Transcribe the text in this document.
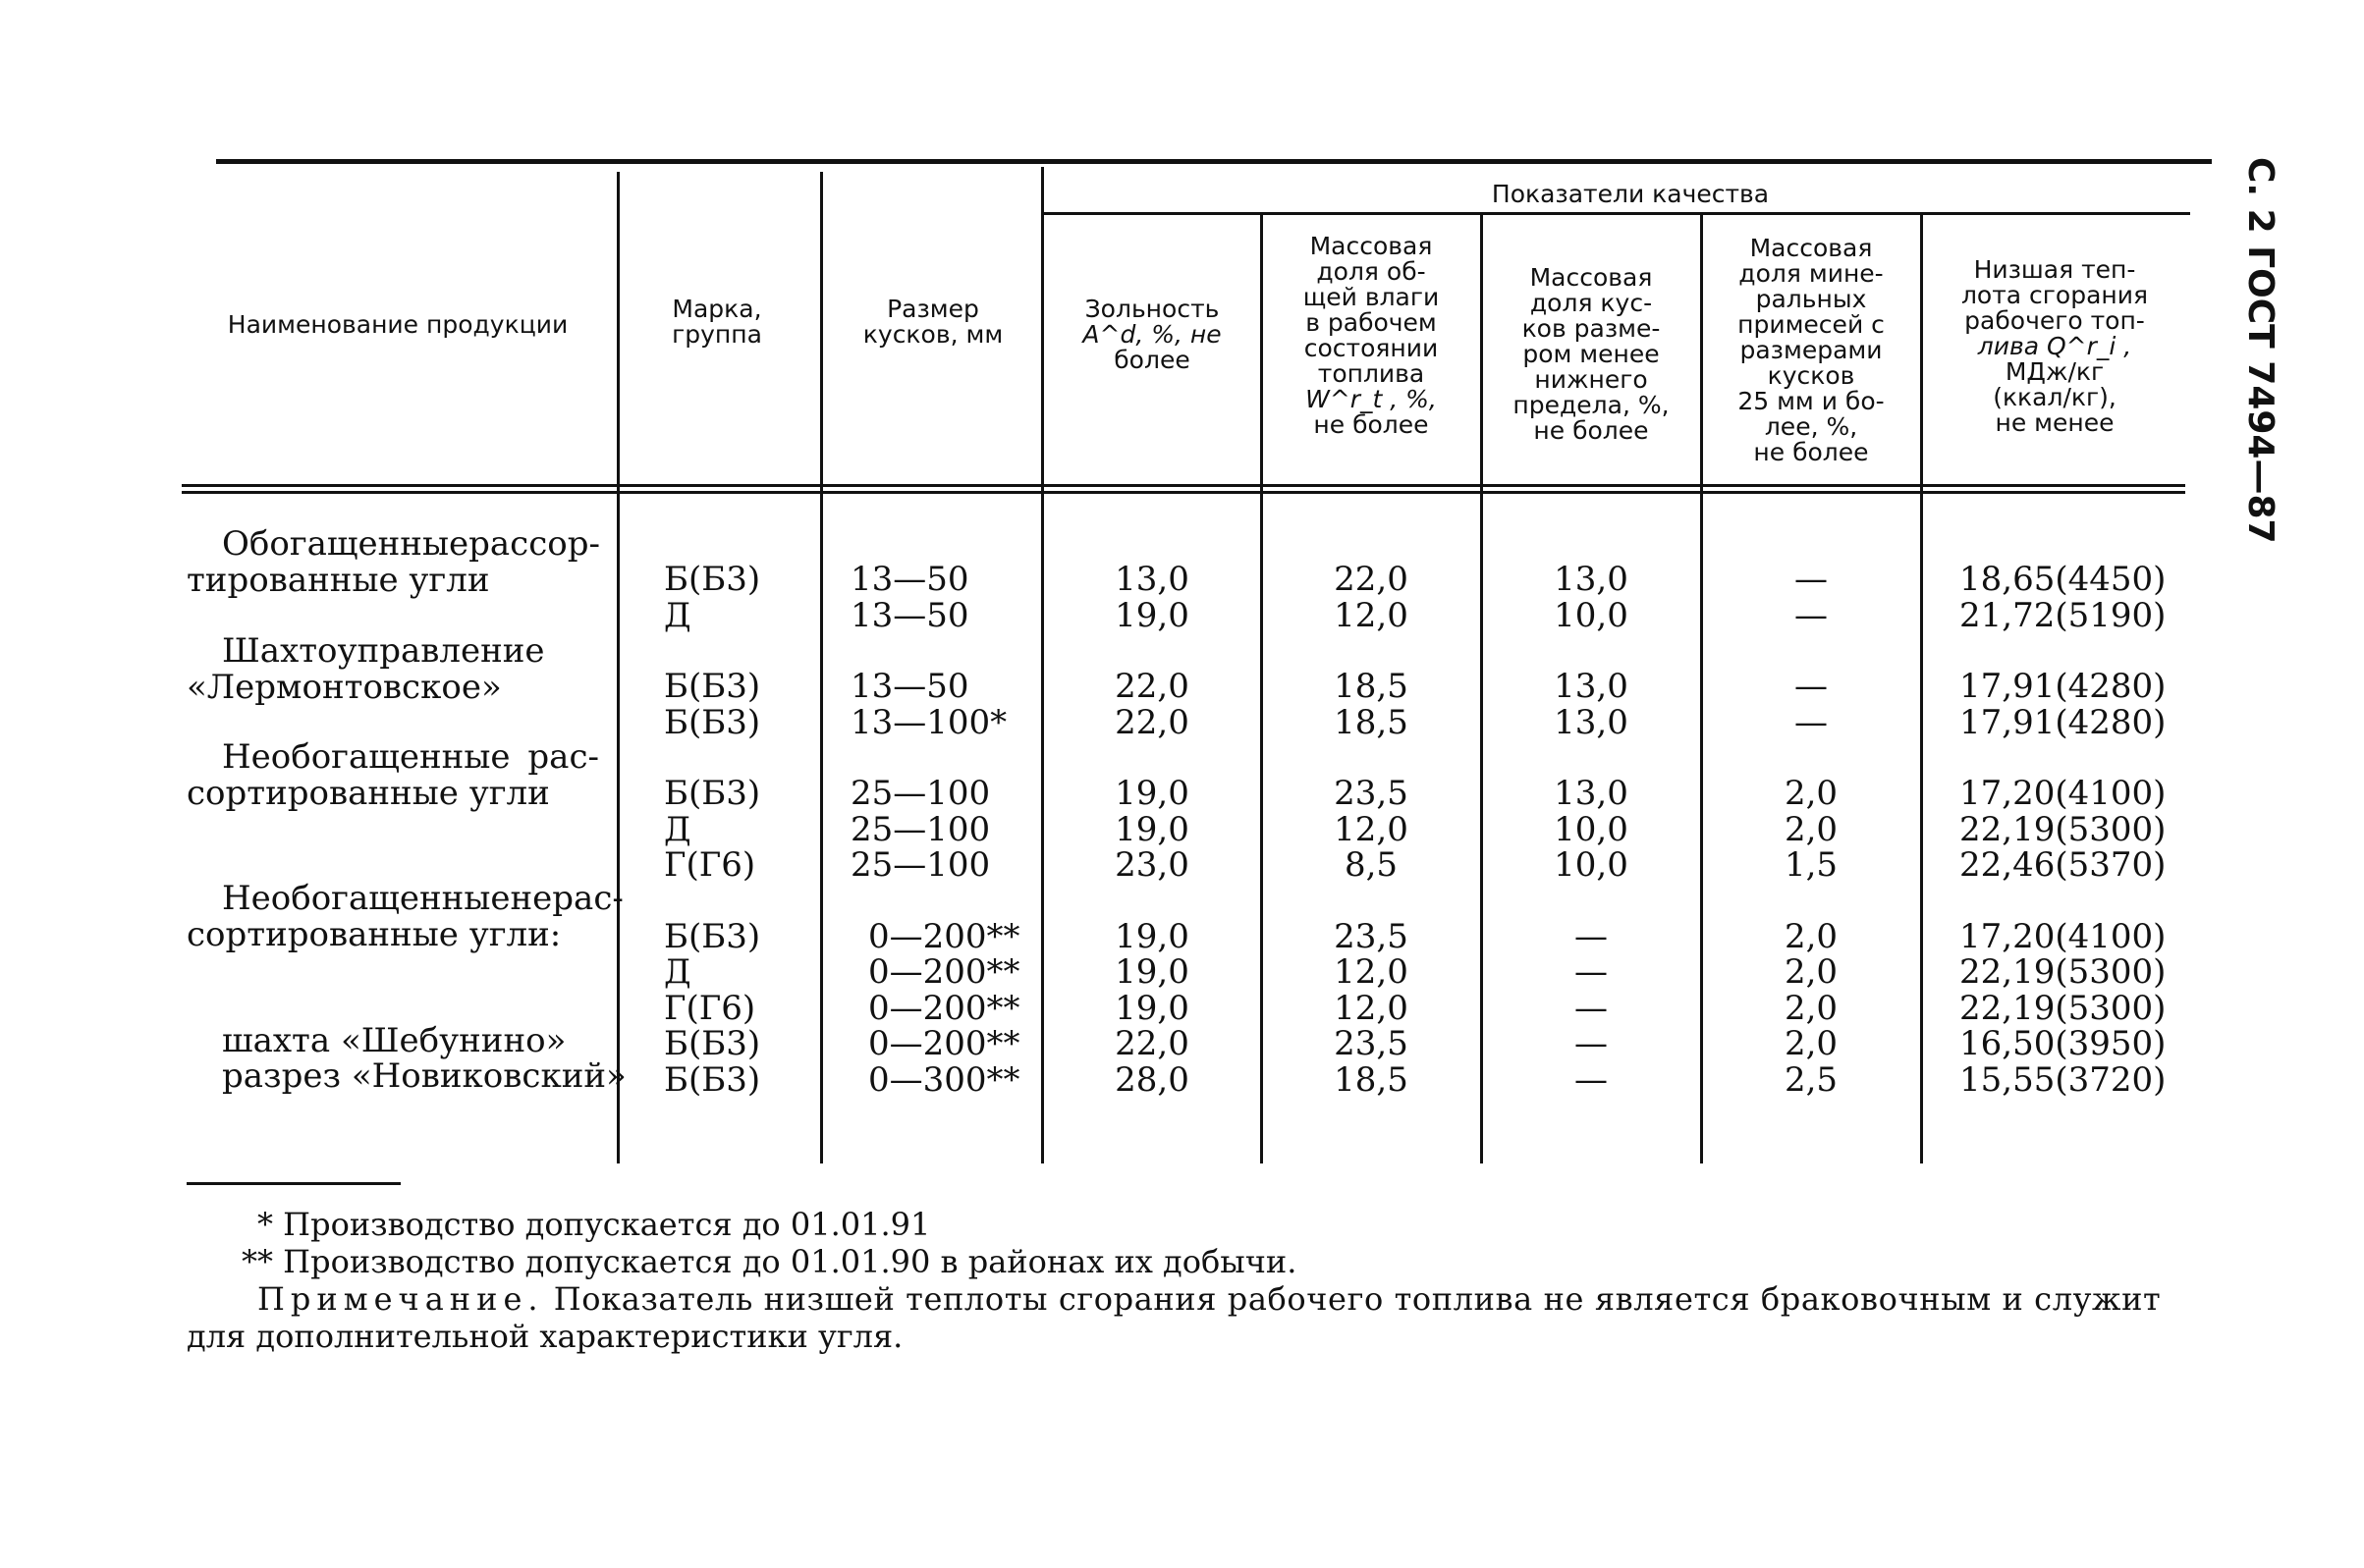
С. 2 ГОСТ 7494—87
Наименование продукции
Марка,
группа
Размер
кусков, мм
Показатели качества
Зольность
A^d, %, не
более
Массовая
доля об-
щей влаги
в рабочем
состоянии
топлива
W^r_t , %,
не более
Массовая
доля кус-
ков разме-
ром менее
нижнего
предела, %,
не более
Массовая
доля мине-
ральных
примесей с
размерами
кусков
25 мм и бо-
лее, %,
не более
Низшая теп-
лота сгорания
рабочего топ-
лива Q^r_i ,
МДж/кг
(ккал/кг),
не менее
Обогащенные рассор-
тированные угли
Шахтоуправление
«Лермонтовское»
Необогащенные рас-
сортированные угли
Необогащенные нерас-
сортированные угли:
шахта «Шебунино»
разрез «Новиковский»
Б(Б3)
Д
Б(Б3)
Б(Б3)
Б(Б3)
Д
Г(Г6)
Б(Б3)
Д
Г(Г6)
Б(Б3)
Б(Б3)
13—50
13—50
13—50
13—100*
25—100
25—100
25—100
0—200**
0—200**
0—200**
0—200**
0—300**
13,0
19,0
22,0
22,0
19,0
19,0
23,0
19,0
19,0
19,0
22,0
28,0
22,0
12,0
18,5
18,5
23,5
12,0
8,5
23,5
12,0
12,0
23,5
18,5
13,0
10,0
13,0
13,0
13,0
10,0
10,0
—
—
—
—
—
—
—
—
—
2,0
2,0
1,5
2,0
2,0
2,0
2,0
2,5
18,65(4450)
21,72(5190)
17,91(4280)
17,91(4280)
17,20(4100)
22,19(5300)
22,46(5370)
17,20(4100)
22,19(5300)
22,19(5300)
16,50(3950)
15,55(3720)
* Производство допускается до 01.01.91
** Производство допускается до 01.01.90 в районах их добычи.
Примечание. Показатель низшей теплоты сгорания рабочего топлива не является браковочным и служит
для дополнительной характеристики угля.
